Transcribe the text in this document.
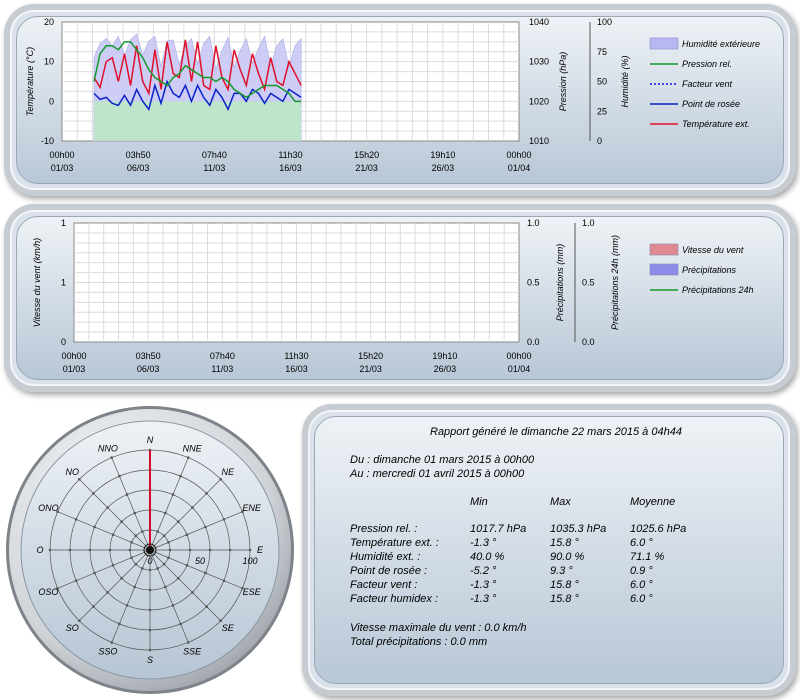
00h00
01/03
03h50
06/03
07h40
11/03
11h30
16/03
15h20
21/03
19h10
26/03
00h00
01/04
-10
0
10
20
Température (°C)
1010
1020
1030
1040
Pression (hPa)
0
25
50
75
100
Humidité (%)
Humidité extérieure
Pression rel.
Facteur vent
Point de rosée
Température ext.
00h00
01/03
03h50
06/03
07h40
11/03
11h30
16/03
15h20
21/03
19h10
26/03
00h00
01/04
0
1
1
Vitesse du vent (km/h)
0.0
0.5
1.0
Précipitations (mm)
0.0
0.5
1.0
Précipitations 24h (mm)	Vitesse du vent
Précipitations
Précipitations 24h
N
NNE
NE
ENE
E
ESE
SE
SSE
S
SSO
SO
OSO
O
ONO
NO
NNO
0	50	100
Rapport généré le dimanche 22 mars 2015 à 04h44
Du : dimanche 01 mars 2015 à 00h00
Au : mercredi 01 avril 2015 à 00h00
Min	Max	Moyenne
Pression rel. :	1017.7 hPa 1035.3 hPa 1025.6 hPa
Température ext. :	-1.3 °	15.8 °	6.0 °
Humidité ext. :	40.0 %	90.0 %	71.1 %
Point de rosée :	-5.2 °	9.3 °	0.9 °
Facteur vent :	-1.3 °	15.8 °	6.0 °
Facteur humidex :	-1.3 °	15.8 °	6.0 °
Vitesse maximale du vent : 0.0 km/h
Total précipitations : 0.0 mm
